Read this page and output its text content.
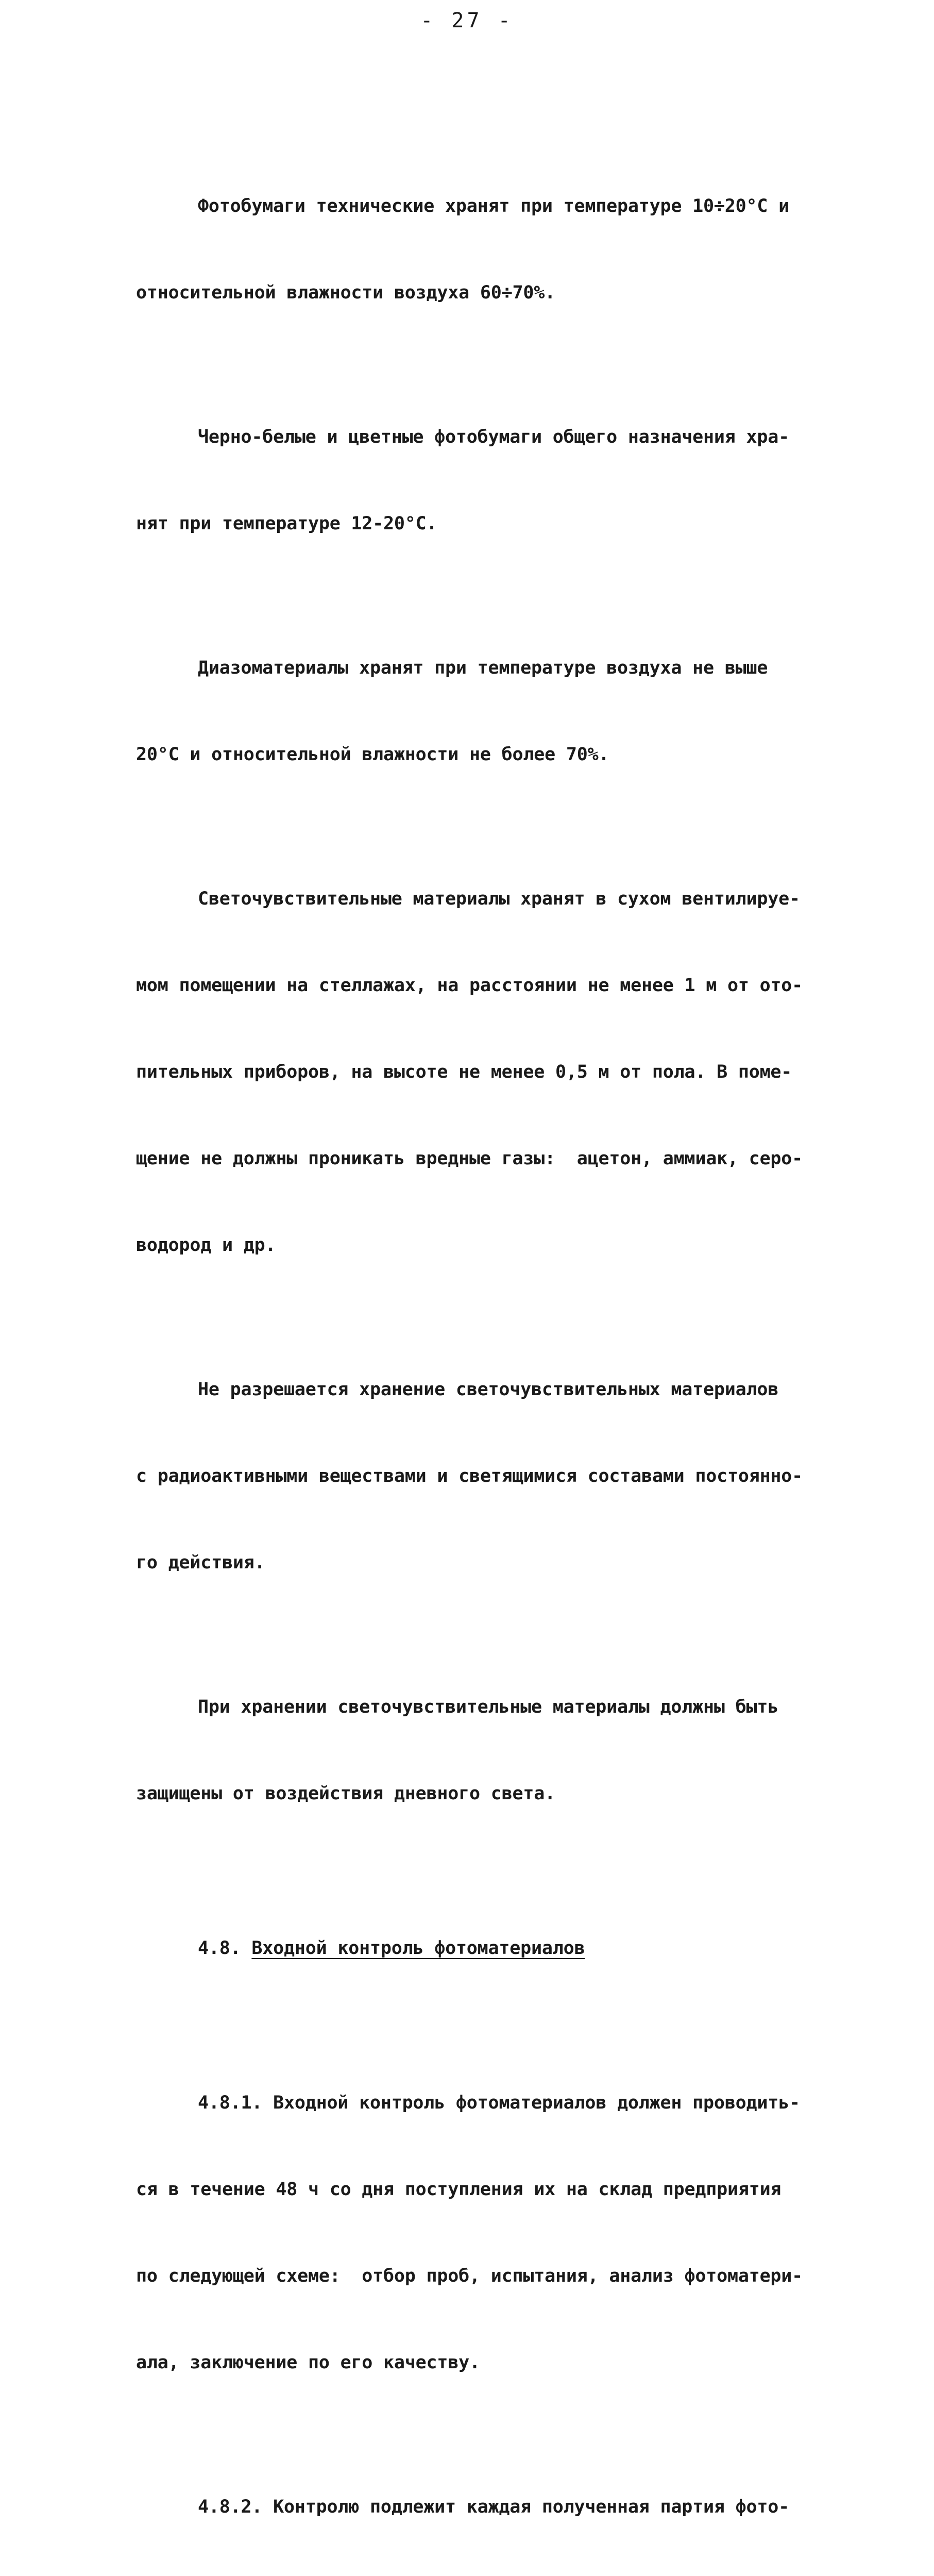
- 27 -

Фотобумаги технические хранят при температуре 10÷20°С и

относительной влажности воздуха 60÷70%.

Черно-белые и цветные фотобумаги общего назначения хра-

нят при температуре 12-20°С.

Диазоматериалы хранят при температуре воздуха не выше

20°С и относительной влажности не более 70%.

Светочувствительные материалы хранят в сухом вентилируе-

мом помещении на стеллажах, на расстоянии не менее 1 м от ото-

пительных приборов, на высоте не менее 0,5 м от пола. В поме-

щение не должны проникать вредные газы:  ацетон, аммиак, серо-

водород и др.

Не разрешается хранение светочувствительных материалов

с радиоактивными веществами и светящимися составами постоянно-

го действия.

При хранении светочувствительные материалы должны быть

защищены от воздействия дневного света.

4.8. Входной контроль фотоматериалов

4.8.1. Входной контроль фотоматериалов должен проводить-

ся в течение 48 ч со дня поступления их на склад предприятия

по следующей схеме:  отбор проб, испытания, анализ фотоматери-

ала, заключение по его качеству.

4.8.2. Контролю подлежит каждая полученная партия фото-
